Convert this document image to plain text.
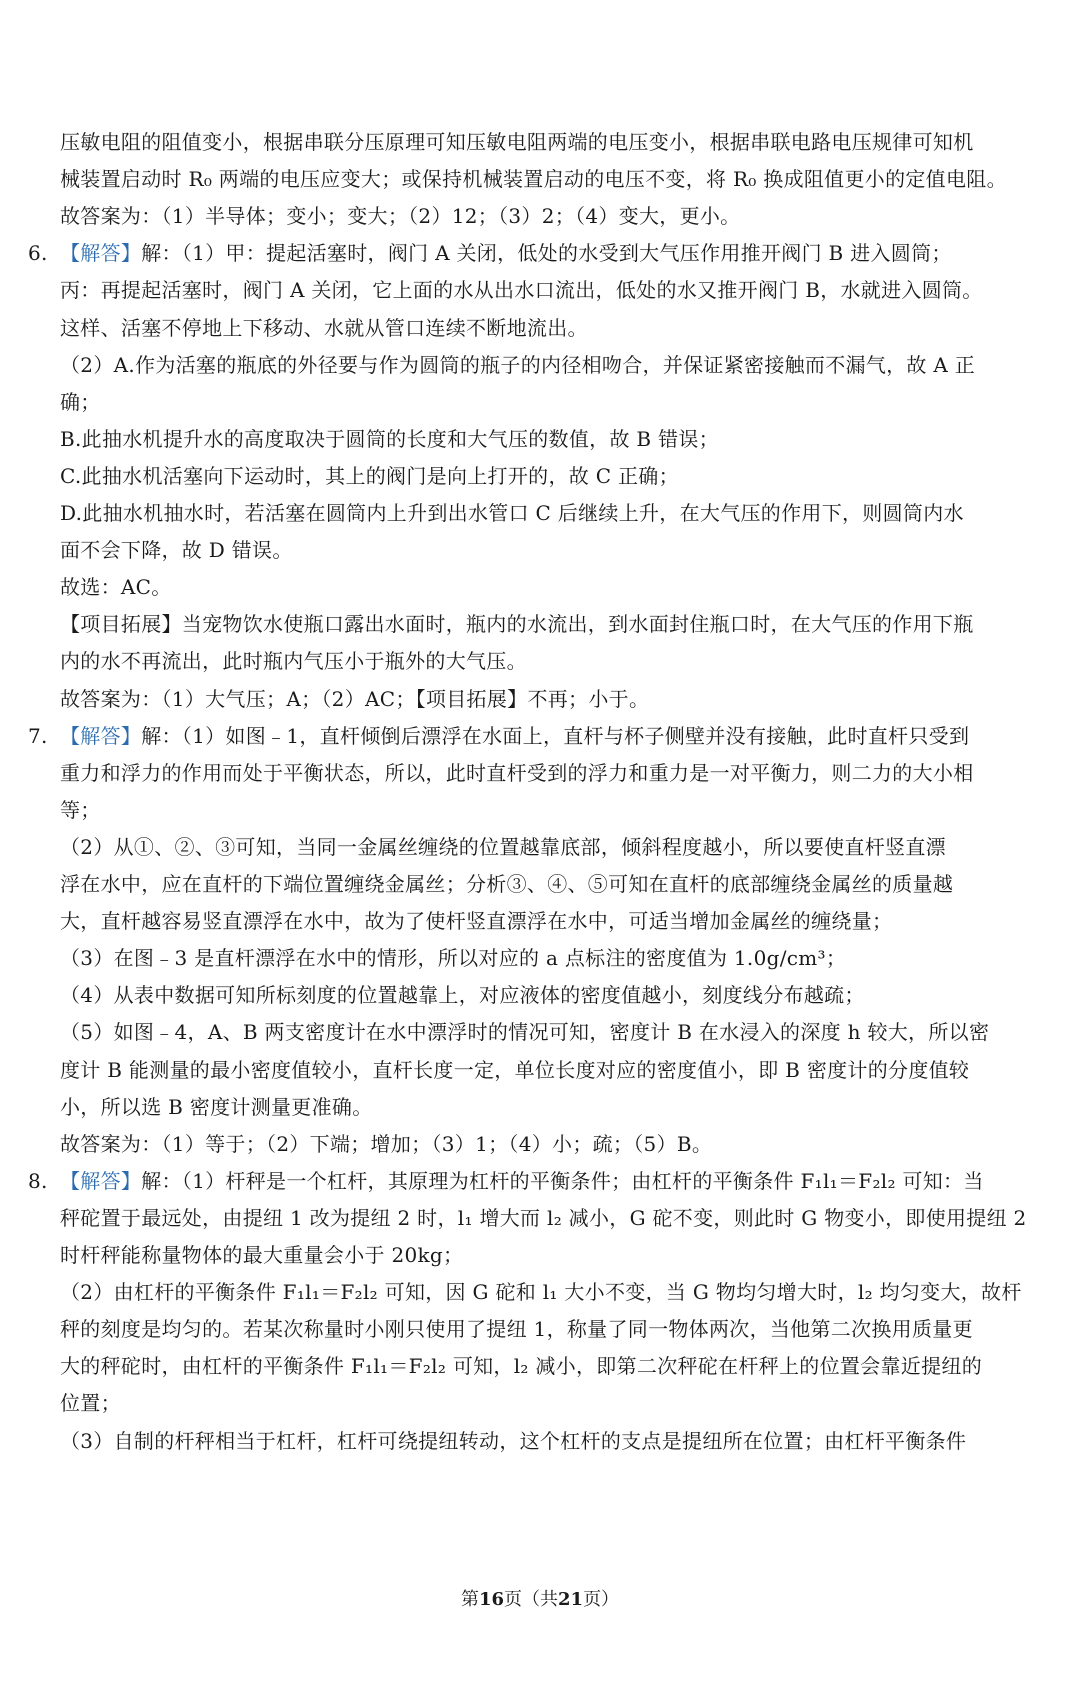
压敏电阻的阻值变小，根据串联分压原理可知压敏电阻两端的电压变小，根据串联电路电压规律可知机
械装置启动时 R₀ 两端的电压应变大；或保持机械装置启动的电压不变，将 R₀ 换成阻值更小的定值电阻。
故答案为：（1）半导体；变小；变大；（2）12；（3）2；（4）变大，更小。
6. 【解答】解：（1）甲：提起活塞时，阀门 A 关闭，低处的水受到大气压作用推开阀门 B 进入圆筒；
丙：再提起活塞时，阀门 A 关闭，它上面的水从出水口流出，低处的水又推开阀门 B，水就进入圆筒。
这样、活塞不停地上下移动、水就从管口连续不断地流出。
（2）A.作为活塞的瓶底的外径要与作为圆筒的瓶子的内径相吻合，并保证紧密接触而不漏气，故 A 正
确；
B.此抽水机提升水的高度取决于圆筒的长度和大气压的数值，故 B 错误；
C.此抽水机活塞向下运动时，其上的阀门是向上打开的，故 C 正确；
D.此抽水机抽水时，若活塞在圆筒内上升到出水管口 C 后继续上升，在大气压的作用下，则圆筒内水
面不会下降，故 D 错误。
故选：AC。
【项目拓展】当宠物饮水使瓶口露出水面时，瓶内的水流出，到水面封住瓶口时，在大气压的作用下瓶
内的水不再流出，此时瓶内气压小于瓶外的大气压。
故答案为：（1）大气压；A；（2）AC；【项目拓展】不再；小于。
7. 【解答】解：（1）如图﹣1，直杆倾倒后漂浮在水面上，直杆与杯子侧壁并没有接触，此时直杆只受到
重力和浮力的作用而处于平衡状态，所以，此时直杆受到的浮力和重力是一对平衡力，则二力的大小相
等；
（2）从①、②、③可知，当同一金属丝缠绕的位置越靠底部，倾斜程度越小，所以要使直杆竖直漂
浮在水中，应在直杆的下端位置缠绕金属丝；分析③、④、⑤可知在直杆的底部缠绕金属丝的质量越
大，直杆越容易竖直漂浮在水中，故为了使杆竖直漂浮在水中，可适当增加金属丝的缠绕量；
（3）在图﹣3 是直杆漂浮在水中的情形，所以对应的 a 点标注的密度值为 1.0g/cm³；
（4）从表中数据可知所标刻度的位置越靠上，对应液体的密度值越小，刻度线分布越疏；
（5）如图﹣4，A、B 两支密度计在水中漂浮时的情况可知，密度计 B 在水浸入的深度 h 较大，所以密
度计 B 能测量的最小密度值较小，直杆长度一定，单位长度对应的密度值小，即 B 密度计的分度值较
小，所以选 B 密度计测量更准确。
故答案为：（1）等于；（2）下端；增加；（3）1；（4）小；疏；（5）B。
8. 【解答】解：（1）杆秤是一个杠杆，其原理为杠杆的平衡条件；由杠杆的平衡条件 F₁l₁＝F₂l₂ 可知：当
秤砣置于最远处，由提纽 1 改为提纽 2 时，l₁ 增大而 l₂ 减小，G 砣不变，则此时 G 物变小，即使用提纽 2
时杆秤能称量物体的最大重量会小于 20kg；
（2）由杠杆的平衡条件 F₁l₁＝F₂l₂ 可知，因 G 砣和 l₁ 大小不变，当 G 物均匀增大时，l₂ 均匀变大，故杆
秤的刻度是均匀的。若某次称量时小刚只使用了提纽 1，称量了同一物体两次，当他第二次换用质量更
大的秤砣时，由杠杆的平衡条件 F₁l₁＝F₂l₂ 可知，l₂ 减小，即第二次秤砣在杆秤上的位置会靠近提纽的
位置；
（3）自制的杆秤相当于杠杆，杠杆可绕提纽转动，这个杠杆的支点是提纽所在位置；由杠杆平衡条件
第16页（共21页）
